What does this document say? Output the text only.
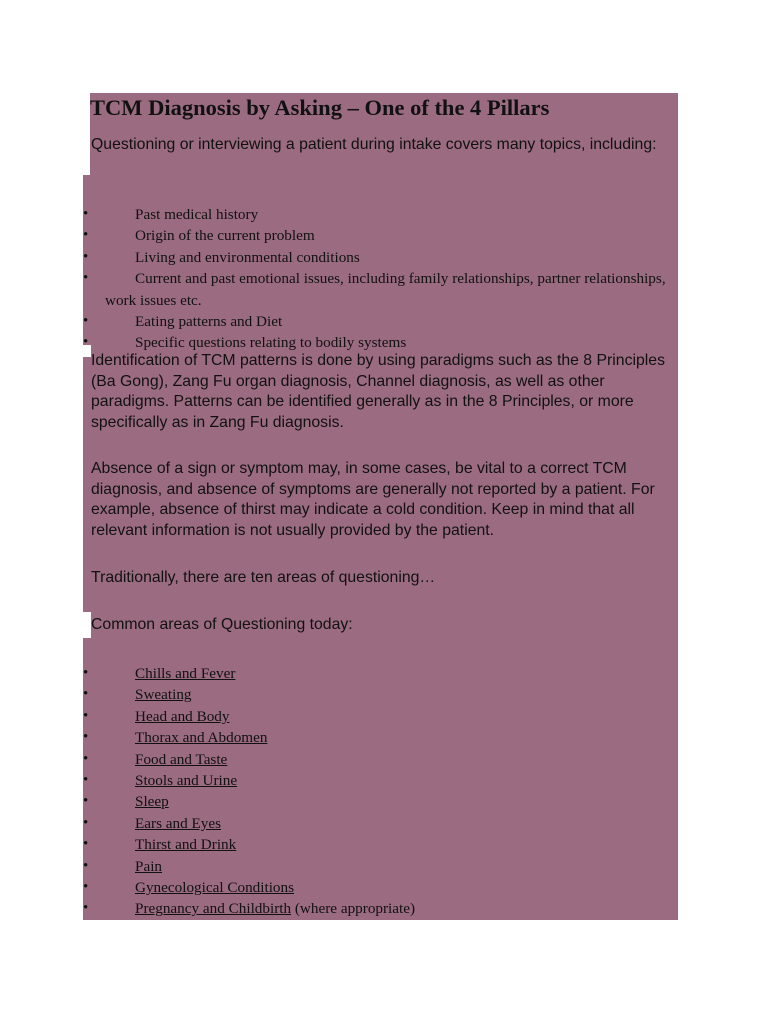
TCM Diagnosis by Asking – One of the 4 Pillars
Questioning or interviewing a patient during intake covers many topics, including:
•	Past medical history
•	Origin of the current problem
•	Living and environmental conditions
•	Current and past emotional issues, including family relationships, partner relationships, work issues etc.
•	Eating patterns and Diet
•	Specific questions relating to bodily systems
Identification of TCM patterns is done by using paradigms such as the 8 Principles (Ba Gong), Zang Fu organ diagnosis, Channel diagnosis, as well as other paradigms. Patterns can be identified generally as in the 8 Principles, or more specifically as in Zang Fu diagnosis.
Absence of a sign or symptom may, in some cases, be vital to a correct TCM diagnosis, and absence of symptoms are generally not reported by a patient. For example, absence of thirst may indicate a cold condition. Keep in mind that all relevant information is not usually provided by the patient.
Traditionally, there are ten areas of questioning…
Common areas of Questioning today:
•	Chills and Fever
•	Sweating
•	Head and Body
•	Thorax and Abdomen
•	Food and Taste
•	Stools and Urine
•	Sleep
•	Ears and Eyes
•	Thirst and Drink
•	Pain
•	Gynecological Conditions
•	Pregnancy and Childbirth (where appropriate)
